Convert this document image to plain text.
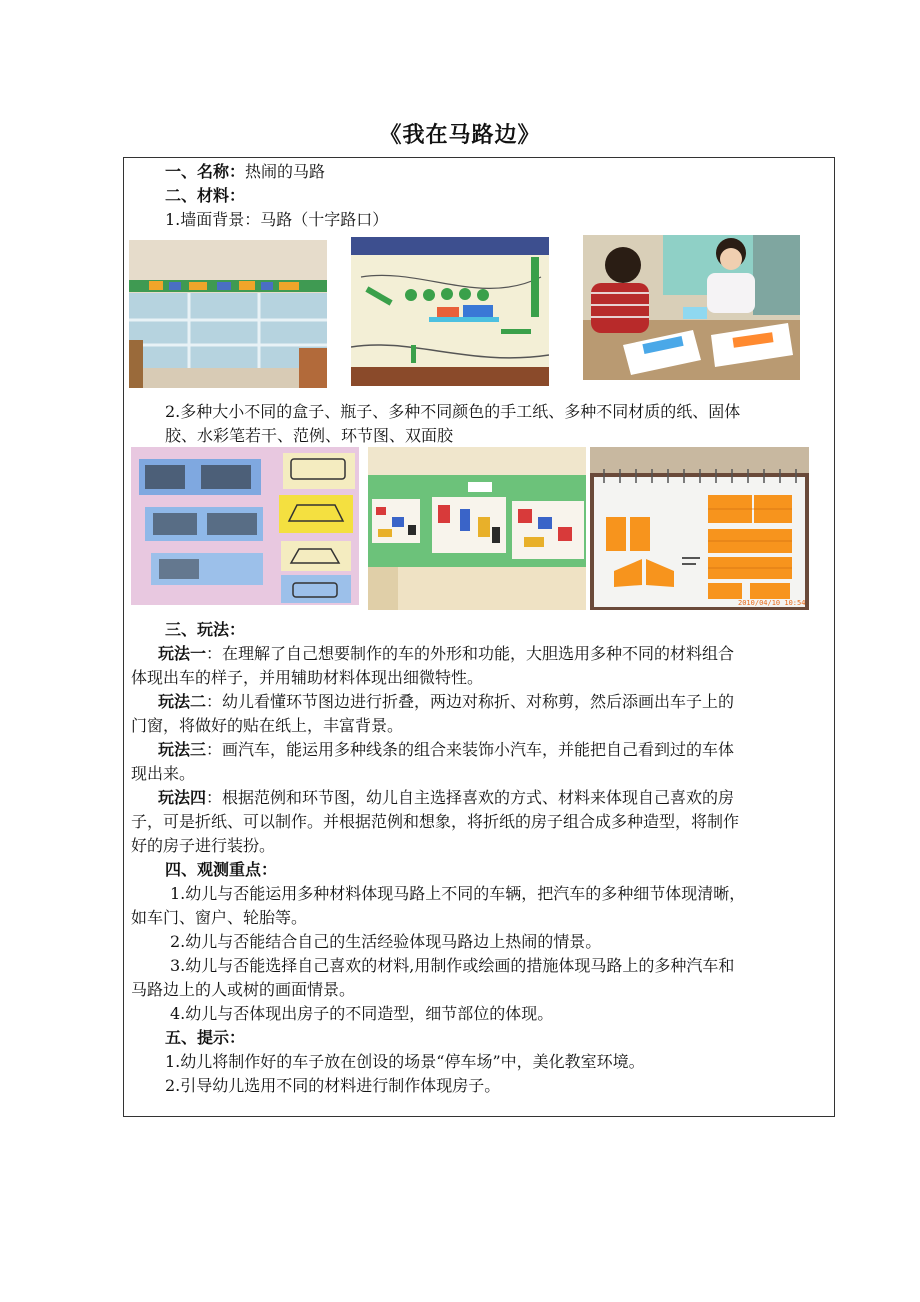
《我在马路边》
一、名称：热闹的马路
二、材料：
1.墙面背景：马路（十字路口）
2.多种大小不同的盒子、瓶子、多种不同颜色的手工纸、多种不同材质的纸、固体
胶、水彩笔若干、范例、环节图、双面胶
2010/04/10 10:54
三、玩法：
玩法一：在理解了自己想要制作的车的外形和功能，大胆选用多种不同的材料组合
体现出车的样子，并用辅助材料体现出细微特性。
玩法二：幼儿看懂环节图边进行折叠，两边对称折、对称剪，然后添画出车子上的
门窗，将做好的贴在纸上，丰富背景。
玩法三：画汽车，能运用多种线条的组合来装饰小汽车，并能把自己看到过的车体
现出来。
玩法四：根据范例和环节图，幼儿自主选择喜欢的方式、材料来体现自己喜欢的房
子，可是折纸、可以制作。并根据范例和想象，将折纸的房子组合成多种造型，将制作
好的房子进行装扮。
四、观测重点：
1.幼儿与否能运用多种材料体现马路上不同的车辆，把汽车的多种细节体现清晰，
如车门、窗户、轮胎等。
2.幼儿与否能结合自己的生活经验体现马路边上热闹的情景。
3.幼儿与否能选择自己喜欢的材料,用制作或绘画的措施体现马路上的多种汽车和
马路边上的人或树的画面情景。
4.幼儿与否体现出房子的不同造型，细节部位的体现。
五、提示：
1.幼儿将制作好的车子放在创设的场景“停车场”中，美化教室环境。
2.引导幼儿选用不同的材料进行制作体现房子。
